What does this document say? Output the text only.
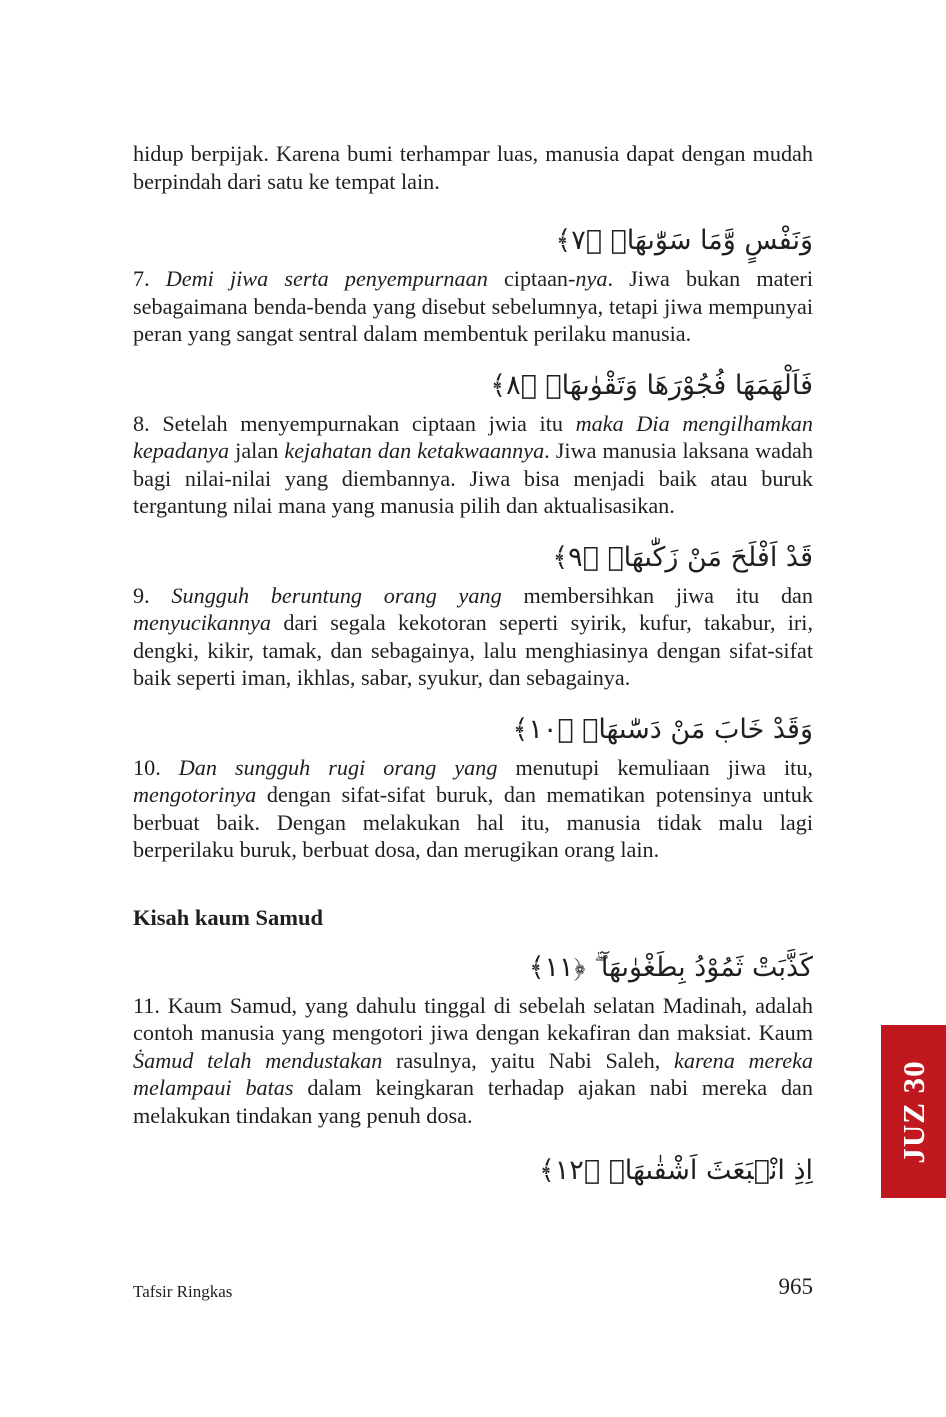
hidup berpijak. Karena bumi terhampar luas, manusia dapat dengan mudah berpindah dari satu ke tempat lain.

وَنَفْسٍ وَّمَا سَوّٰىهَاۖ ﴿٧﴾

7. Demi jiwa serta penyempurnaan ciptaan-nya. Jiwa bukan materi sebagaimana benda-benda yang disebut sebelumnya, tetapi jiwa mempunyai peran yang sangat sentral dalam membentuk perilaku manusia.

فَاَلْهَمَهَا فُجُوْرَهَا وَتَقْوٰىهَاۖ ﴿٨﴾

8. Setelah menyempurnakan ciptaan jwia itu maka Dia mengilhamkan kepadanya jalan kejahatan dan ketakwaannya. Jiwa manusia laksana wadah bagi nilai-nilai yang diembannya. Jiwa bisa menjadi baik atau buruk tergantung nilai mana yang manusia pilih dan aktualisasikan.

قَدْ اَفْلَحَ مَنْ زَكّٰىهَاۖ ﴿٩﴾

9. Sungguh beruntung orang yang membersihkan jiwa itu dan menyucikannya dari segala kekotoran seperti syirik, kufur, takabur, iri, dengki, kikir, tamak, dan sebagainya, lalu menghiasinya dengan sifat-sifat baik seperti iman, ikhlas, sabar, syukur, dan sebagainya.

وَقَدْ خَابَ مَنْ دَسّٰىهَاۗ ﴿١٠﴾

10. Dan sungguh rugi orang yang menutupi kemuliaan jiwa itu, mengotorinya dengan sifat-sifat buruk, dan mematikan potensinya untuk berbuat baik. Dengan melakukan hal itu, manusia tidak malu lagi berperilaku buruk, berbuat dosa, dan merugikan orang lain.

Kisah kaum Samud

كَذَّبَتْ ثَمُوْدُ بِطَغْوٰىهَآ ۖ ﴿١١﴾

11. Kaum Samud, yang dahulu tinggal di sebelah selatan Madinah, adalah contoh manusia yang mengotori jiwa dengan kekafiran dan maksiat. Kaum Ṡamud telah mendustakan rasulnya, yaitu Nabi Saleh, karena mereka melampaui batas dalam keingkaran terhadap ajakan nabi mereka dan melakukan tindakan yang penuh dosa.

اِذِ انْۢبَعَثَ اَشْقٰىهَاۖ ﴿١٢﴾

JUZ 30
Tafsir Ringkas	965
